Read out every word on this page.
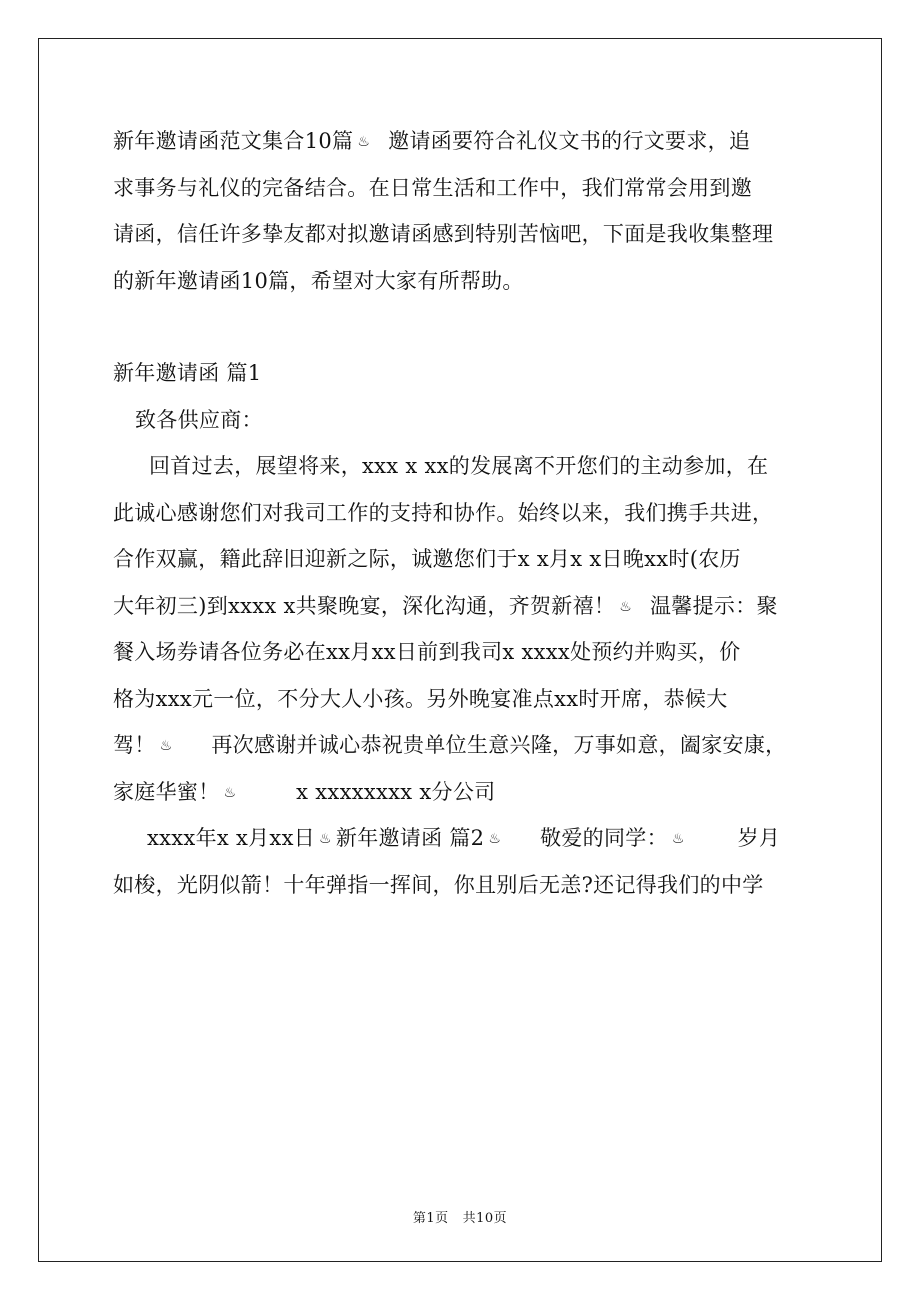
新年邀请函范文集合10篇 ♨ 邀请函要符合礼仪文书的行文要求，追
求事务与礼仪的完备结合。在日常生活和工作中，我们常常会用到邀
请函，信任许多挚友都对拟邀请函感到特别苦恼吧，下面是我收集整理
的新年邀请函10篇，希望对大家有所帮助。
新年邀请函 篇1
致各供应商：
回首过去，展望将来，xxx x xx的发展离不开您们的主动参加，在
此诚心感谢您们对我司工作的支持和协作。始终以来，我们携手共进，
合作双赢，籍此辞旧迎新之际，诚邀您们于x x月x x日晚xx时(农历
大年初三)到xxxx x共聚晚宴，深化沟通，齐贺新禧！ ♨ 温馨提示：聚
餐入场券请各位务必在xx月xx日前到我司x xxxx处预约并购买，价
格为xxx元一位，不分大人小孩。另外晚宴准点xx时开席，恭候大
驾！ ♨ 再次感谢并诚心恭祝贵单位生意兴隆，万事如意，阖家安康，
家庭华蜜！ ♨	x xxxxxxxx x分公司
xxxx年x x月xx日 ♨ 新年邀请函 篇2 ♨ 敬爱的同学： ♨	岁月
如梭，光阴似箭！十年弹指一挥间，你且别后无恙?还记得我们的中学
第1页 共10页
